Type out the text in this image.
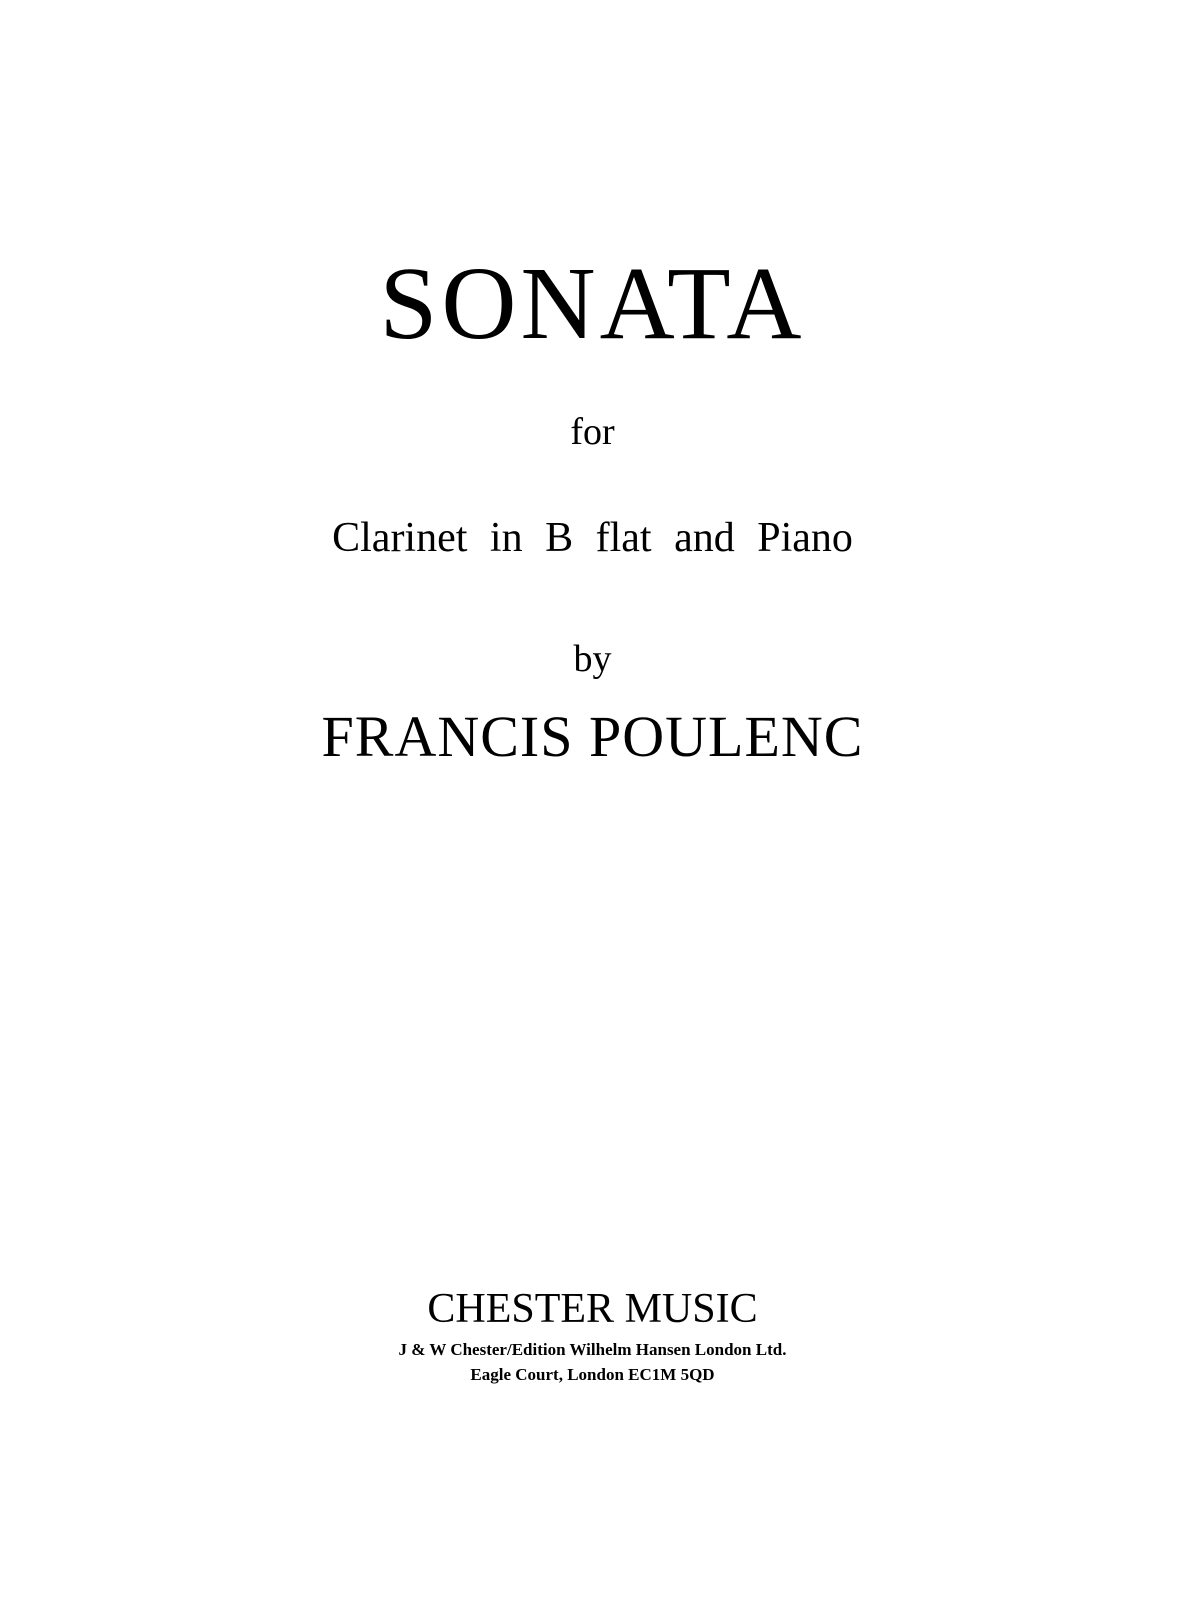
SONATA
for
Clarinet in B flat and Piano
by
FRANCIS POULENC
CHESTER MUSIC
J & W Chester/Edition Wilhelm Hansen London Ltd.
Eagle Court, London EC1M 5QD
